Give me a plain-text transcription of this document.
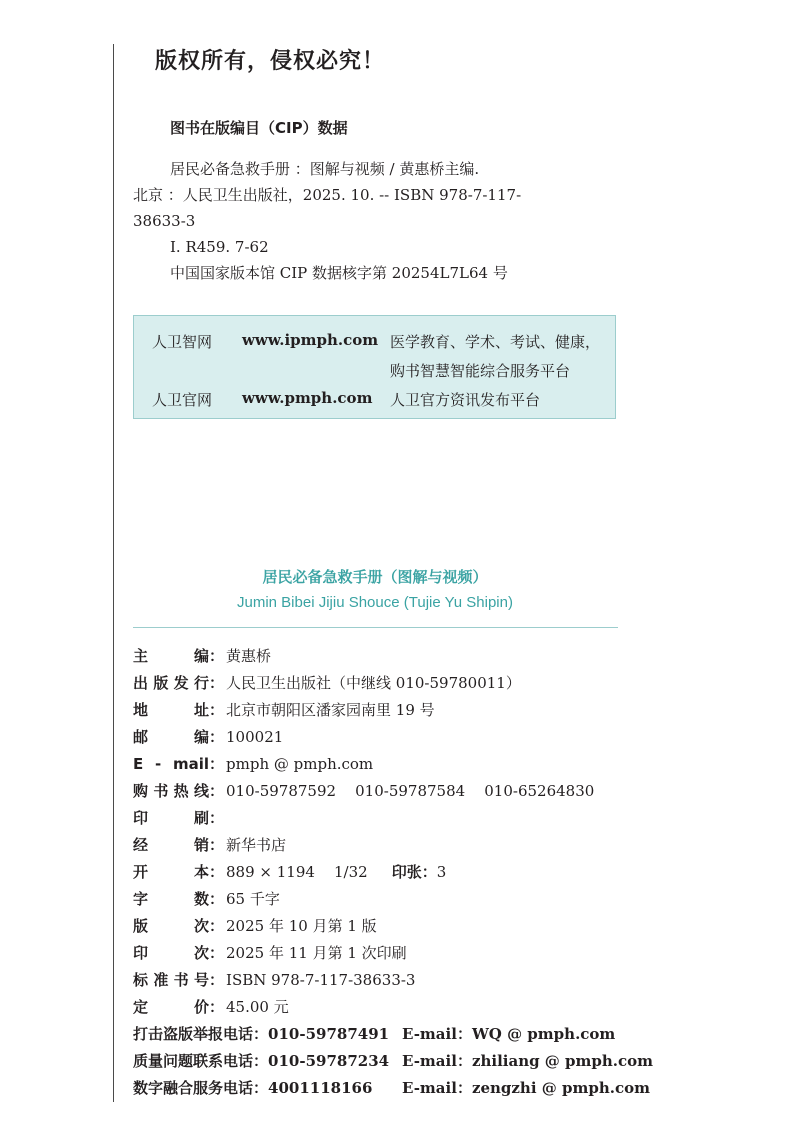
版权所有，侵权必究！
图书在版编目（CIP）数据
居民必备急救手册 ：图解与视频 / 黄惠桥主编.
北京 ：人民卫生出版社，2025. 10. -- ISBN 978-7-117-
38633-3
Ⅰ. R459. 7-62
中国国家版本馆 CIP 数据核字第 20254L7L64 号
人卫智网 www.ipmph.com 医学教育、学术、考试、健康，
购书智慧智能综合服务平台
人卫官网 www.pmph.com 人卫官方资讯发布平台
居民必备急救手册（图解与视频）
Jumin Bibei Jijiu Shouce (Tujie Yu Shipin)
主编： 黄惠桥
出版发行： 人民卫生出版社（中继线 010-59780011）
地址： 北京市朝阳区潘家园南里 19 号
邮编： 100021
E - mail： pmph @ pmph.com
购书热线： 010-59787592    010-59787584    010-65264830
印刷：
经销： 新华书店
开本： 889 × 1194    1/32 印张：3
字数： 65 千字
版次： 2025 年 10 月第 1 版
印次： 2025 年 11 月第 1 次印刷
标准书号： ISBN 978-7-117-38633-3
定价： 45.00 元
打击盗版举报电话：010-59787491 E-mail：WQ @ pmph.com
质量问题联系电话：010-59787234 E-mail：zhiliang @ pmph.com
数字融合服务电话：4001118166 E-mail：zengzhi @ pmph.com
